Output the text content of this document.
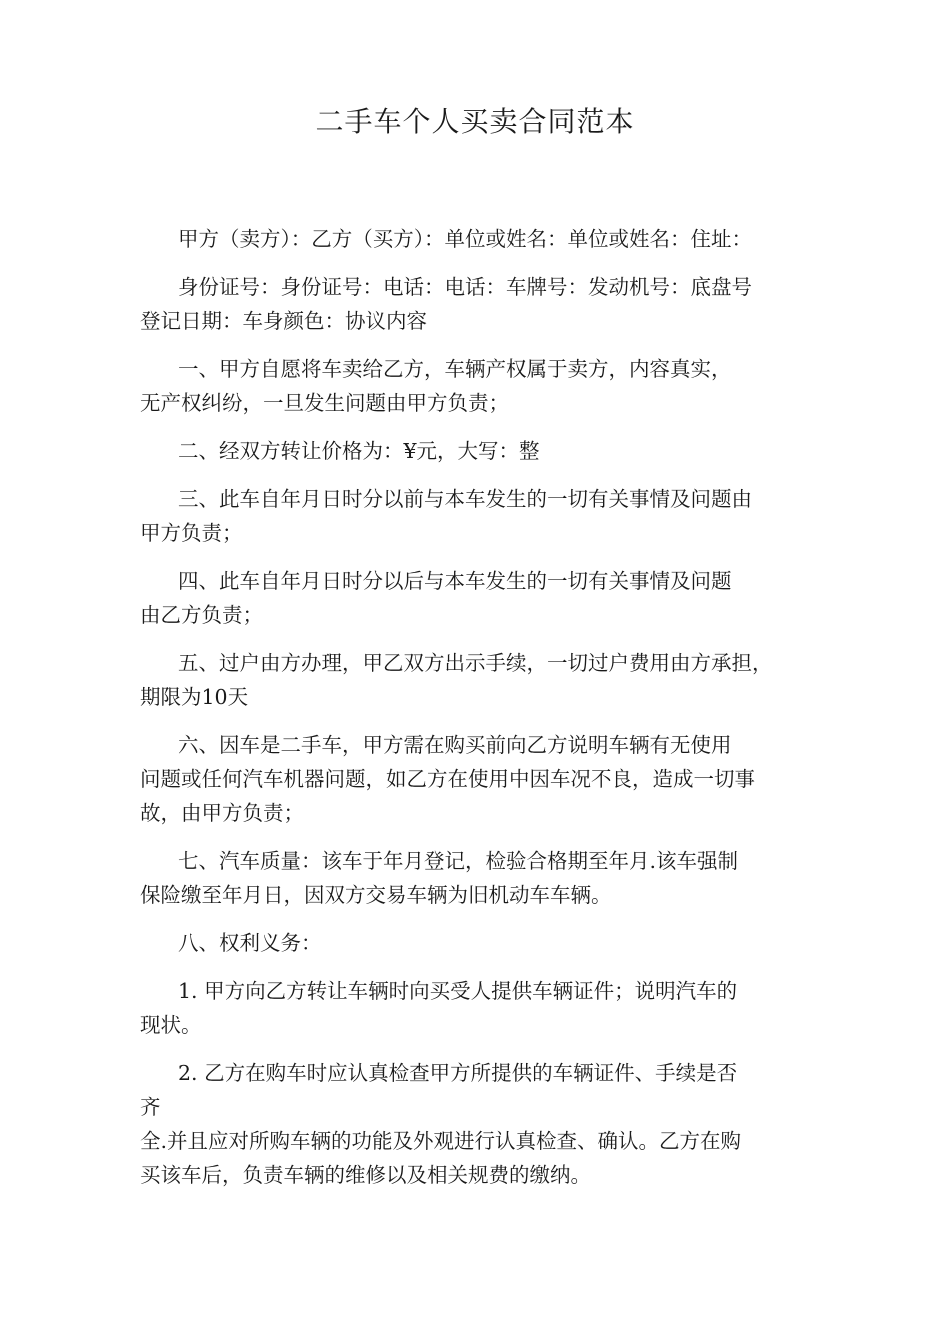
二手车个人买卖合同范本

甲方（卖方）：乙方（买方）：单位或姓名：单位或姓名：住址：

身份证号：身份证号：电话：电话：车牌号：发动机号：底盘号
登记日期：车身颜色：协议内容

一、甲方自愿将车卖给乙方，车辆产权属于卖方，内容真实，
无产权纠纷，一旦发生问题由甲方负责；

二、经双方转让价格为：¥元，大写：整

三、此车自年月日时分以前与本车发生的一切有关事情及问题由
甲方负责；

四、此车自年月日时分以后与本车发生的一切有关事情及问题
由乙方负责；

五、过户由方办理，甲乙双方出示手续，一切过户费用由方承担，
期限为10天

六、因车是二手车，甲方需在购买前向乙方说明车辆有无使用
问题或任何汽车机器问题，如乙方在使用中因车况不良，造成一切事
故，由甲方负责；

七、汽车质量：该车于年月登记，检验合格期至年月.该车强制
保险缴至年月日，因双方交易车辆为旧机动车车辆。

八、权利义务：

1. 甲方向乙方转让车辆时向买受人提供车辆证件；说明汽车的
现状。

2. 乙方在购车时应认真检查甲方所提供的车辆证件、手续是否
齐
全.并且应对所购车辆的功能及外观进行认真检查、确认。乙方在购
买该车后，负责车辆的维修以及相关规费的缴纳。
